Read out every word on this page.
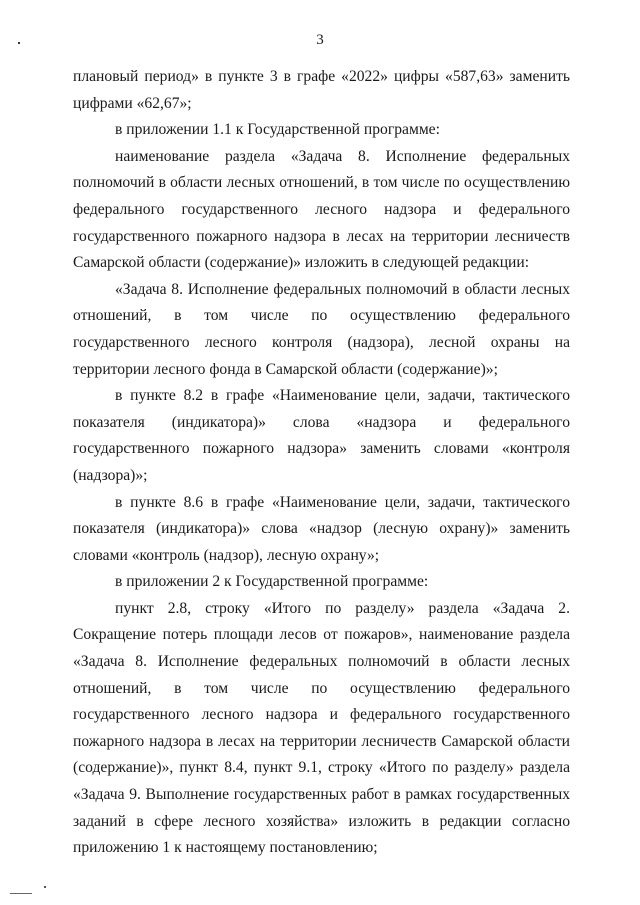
3

плановый период» в пункте 3 в графе «2022» цифры «587,63» заменить цифрами «62,67»;

в приложении 1.1 к Государственной программе:

наименование раздела «Задача 8. Исполнение федеральных полномочий в области лесных отношений, в том числе по осуществлению федерального государственного лесного надзора и федерального государственного пожарного надзора в лесах на территории лесничеств Самарской области (содержание)» изложить в следующей редакции:

«Задача 8. Исполнение федеральных полномочий в области лесных отношений, в том числе по осуществлению федерального государственного лесного контроля (надзора), лесной охраны на территории лесного фонда в Самарской области (содержание)»;

в пункте 8.2 в графе «Наименование цели, задачи, тактического показателя (индикатора)» слова «надзора и федерального государственного пожарного надзора» заменить словами «контроля (надзора)»;

в пункте 8.6 в графе «Наименование цели, задачи, тактического показателя (индикатора)» слова «надзор (лесную охрану)» заменить словами «контроль (надзор), лесную охрану»;

в приложении 2 к Государственной программе:

пункт 2.8, строку «Итого по разделу» раздела «Задача 2. Сокращение потерь площади лесов от пожаров», наименование раздела «Задача 8. Исполнение федеральных полномочий в области лесных отношений, в том числе по осуществлению федерального государственного лесного надзора и федерального государственного пожарного надзора в лесах на территории лесничеств Самарской области (содержание)», пункт 8.4, пункт 9.1, строку «Итого по разделу» раздела «Задача 9. Выполнение государственных работ в рамках государственных заданий в сфере лесного хозяйства» изложить в редакции согласно приложению 1 к настоящему постановлению;
